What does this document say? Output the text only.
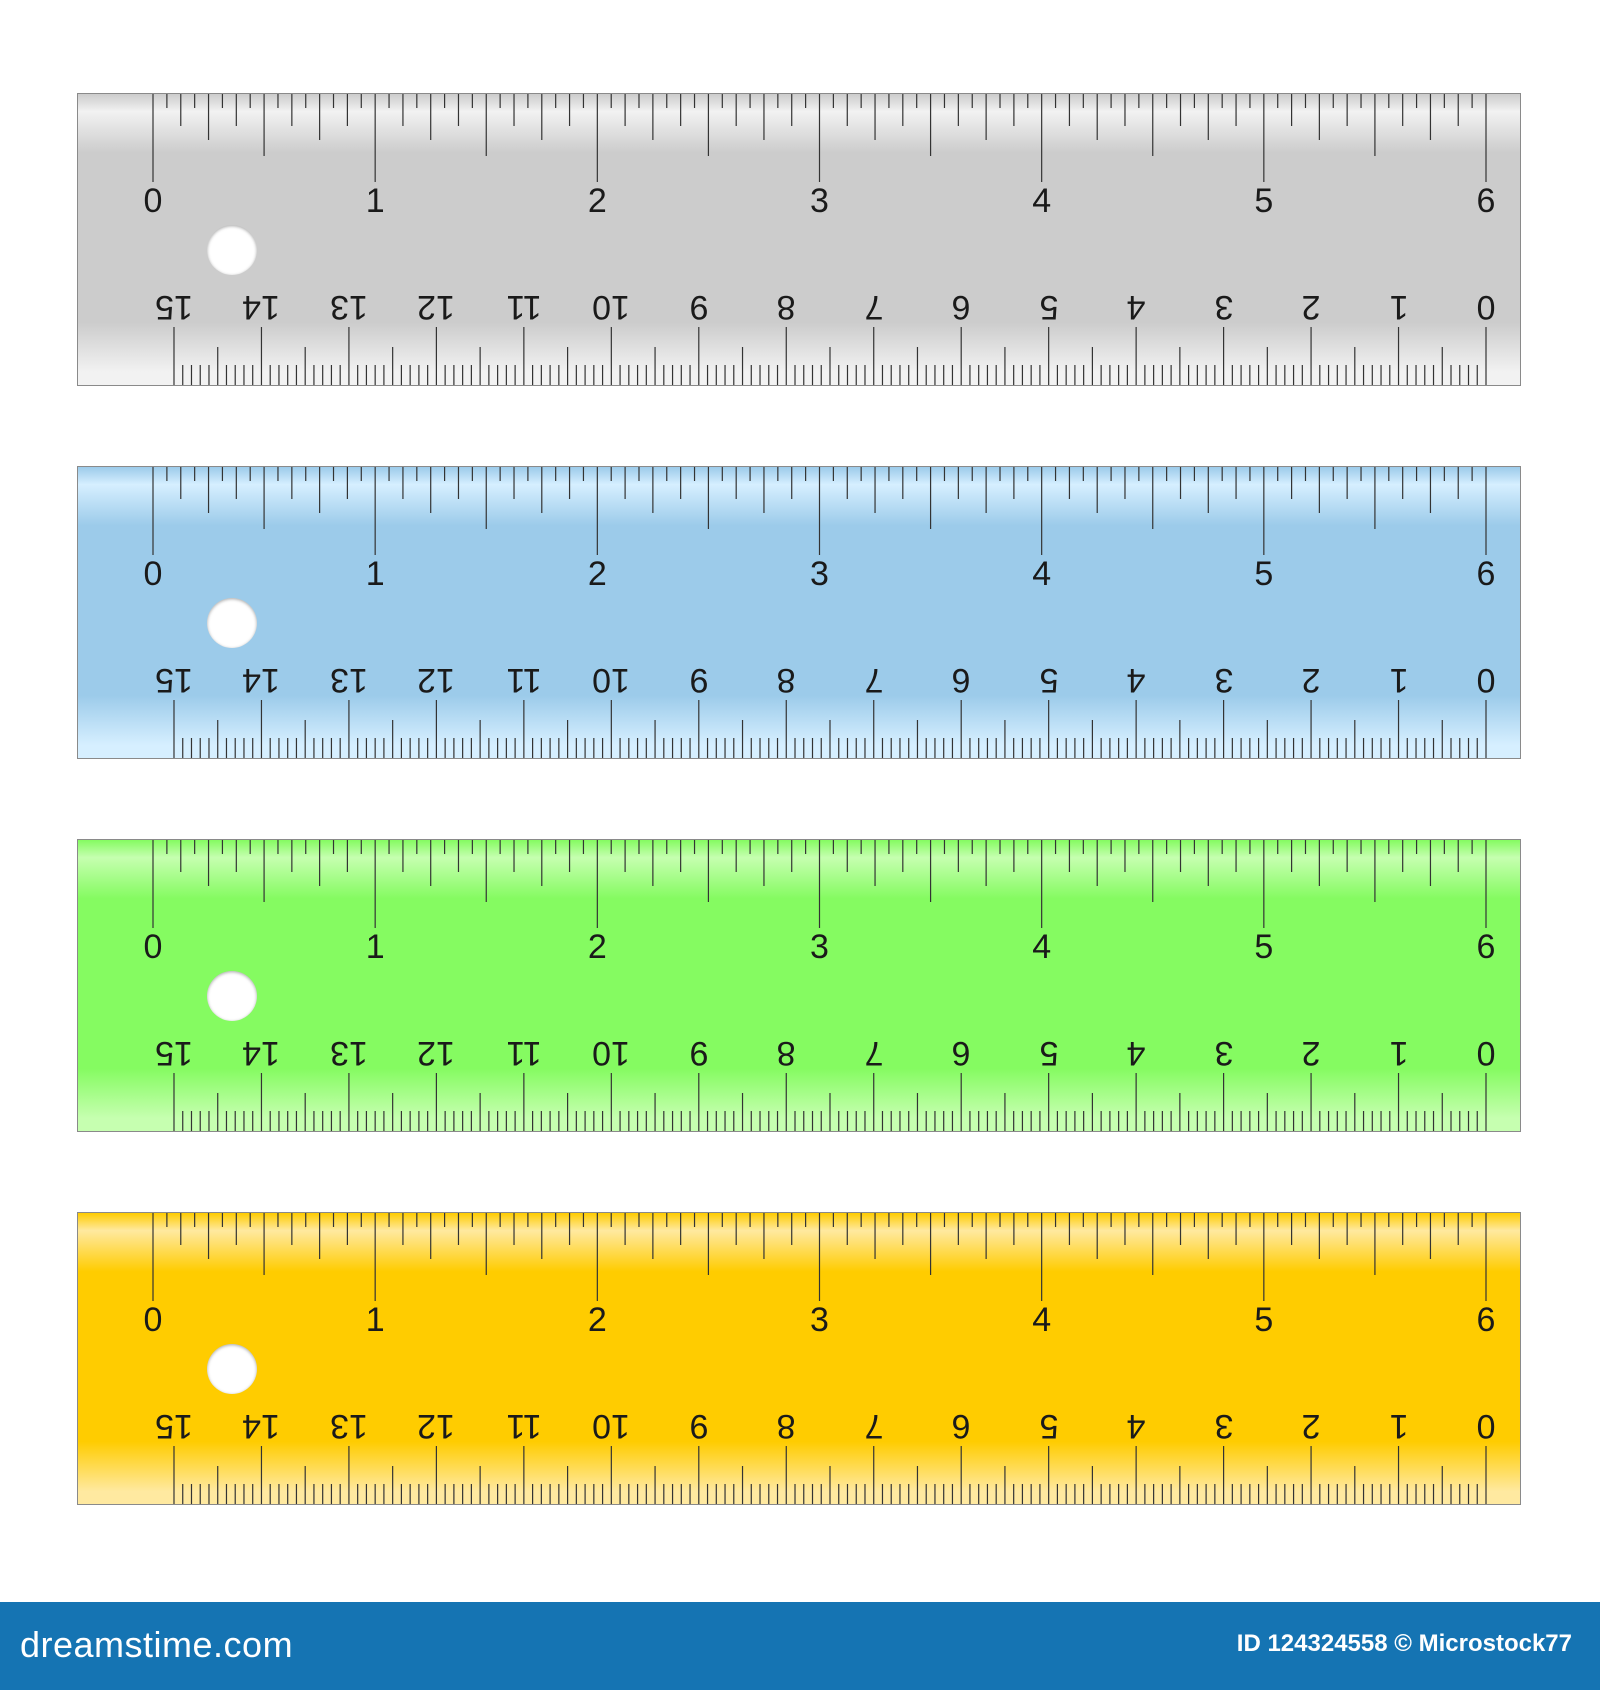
0	1	2	3	4	5	6
0
1
2
3
4
5
6
7
8
9
10
11
12
13
14
15
0	1	2	3	4	5	6
0
1
2
3
4
5
6
7
8
9
10
11
12
13
14
15
0	1	2	3	4	5	6
0
1
2
3
4
5
6
7
8
9
10
11
12
13
14
15
0	1	2	3	4	5	6
0
1
2
3
4
5
6
7
8
9
10
11
12
13
14
15
dreamstime.com	ID 124324558 © Microstock77
